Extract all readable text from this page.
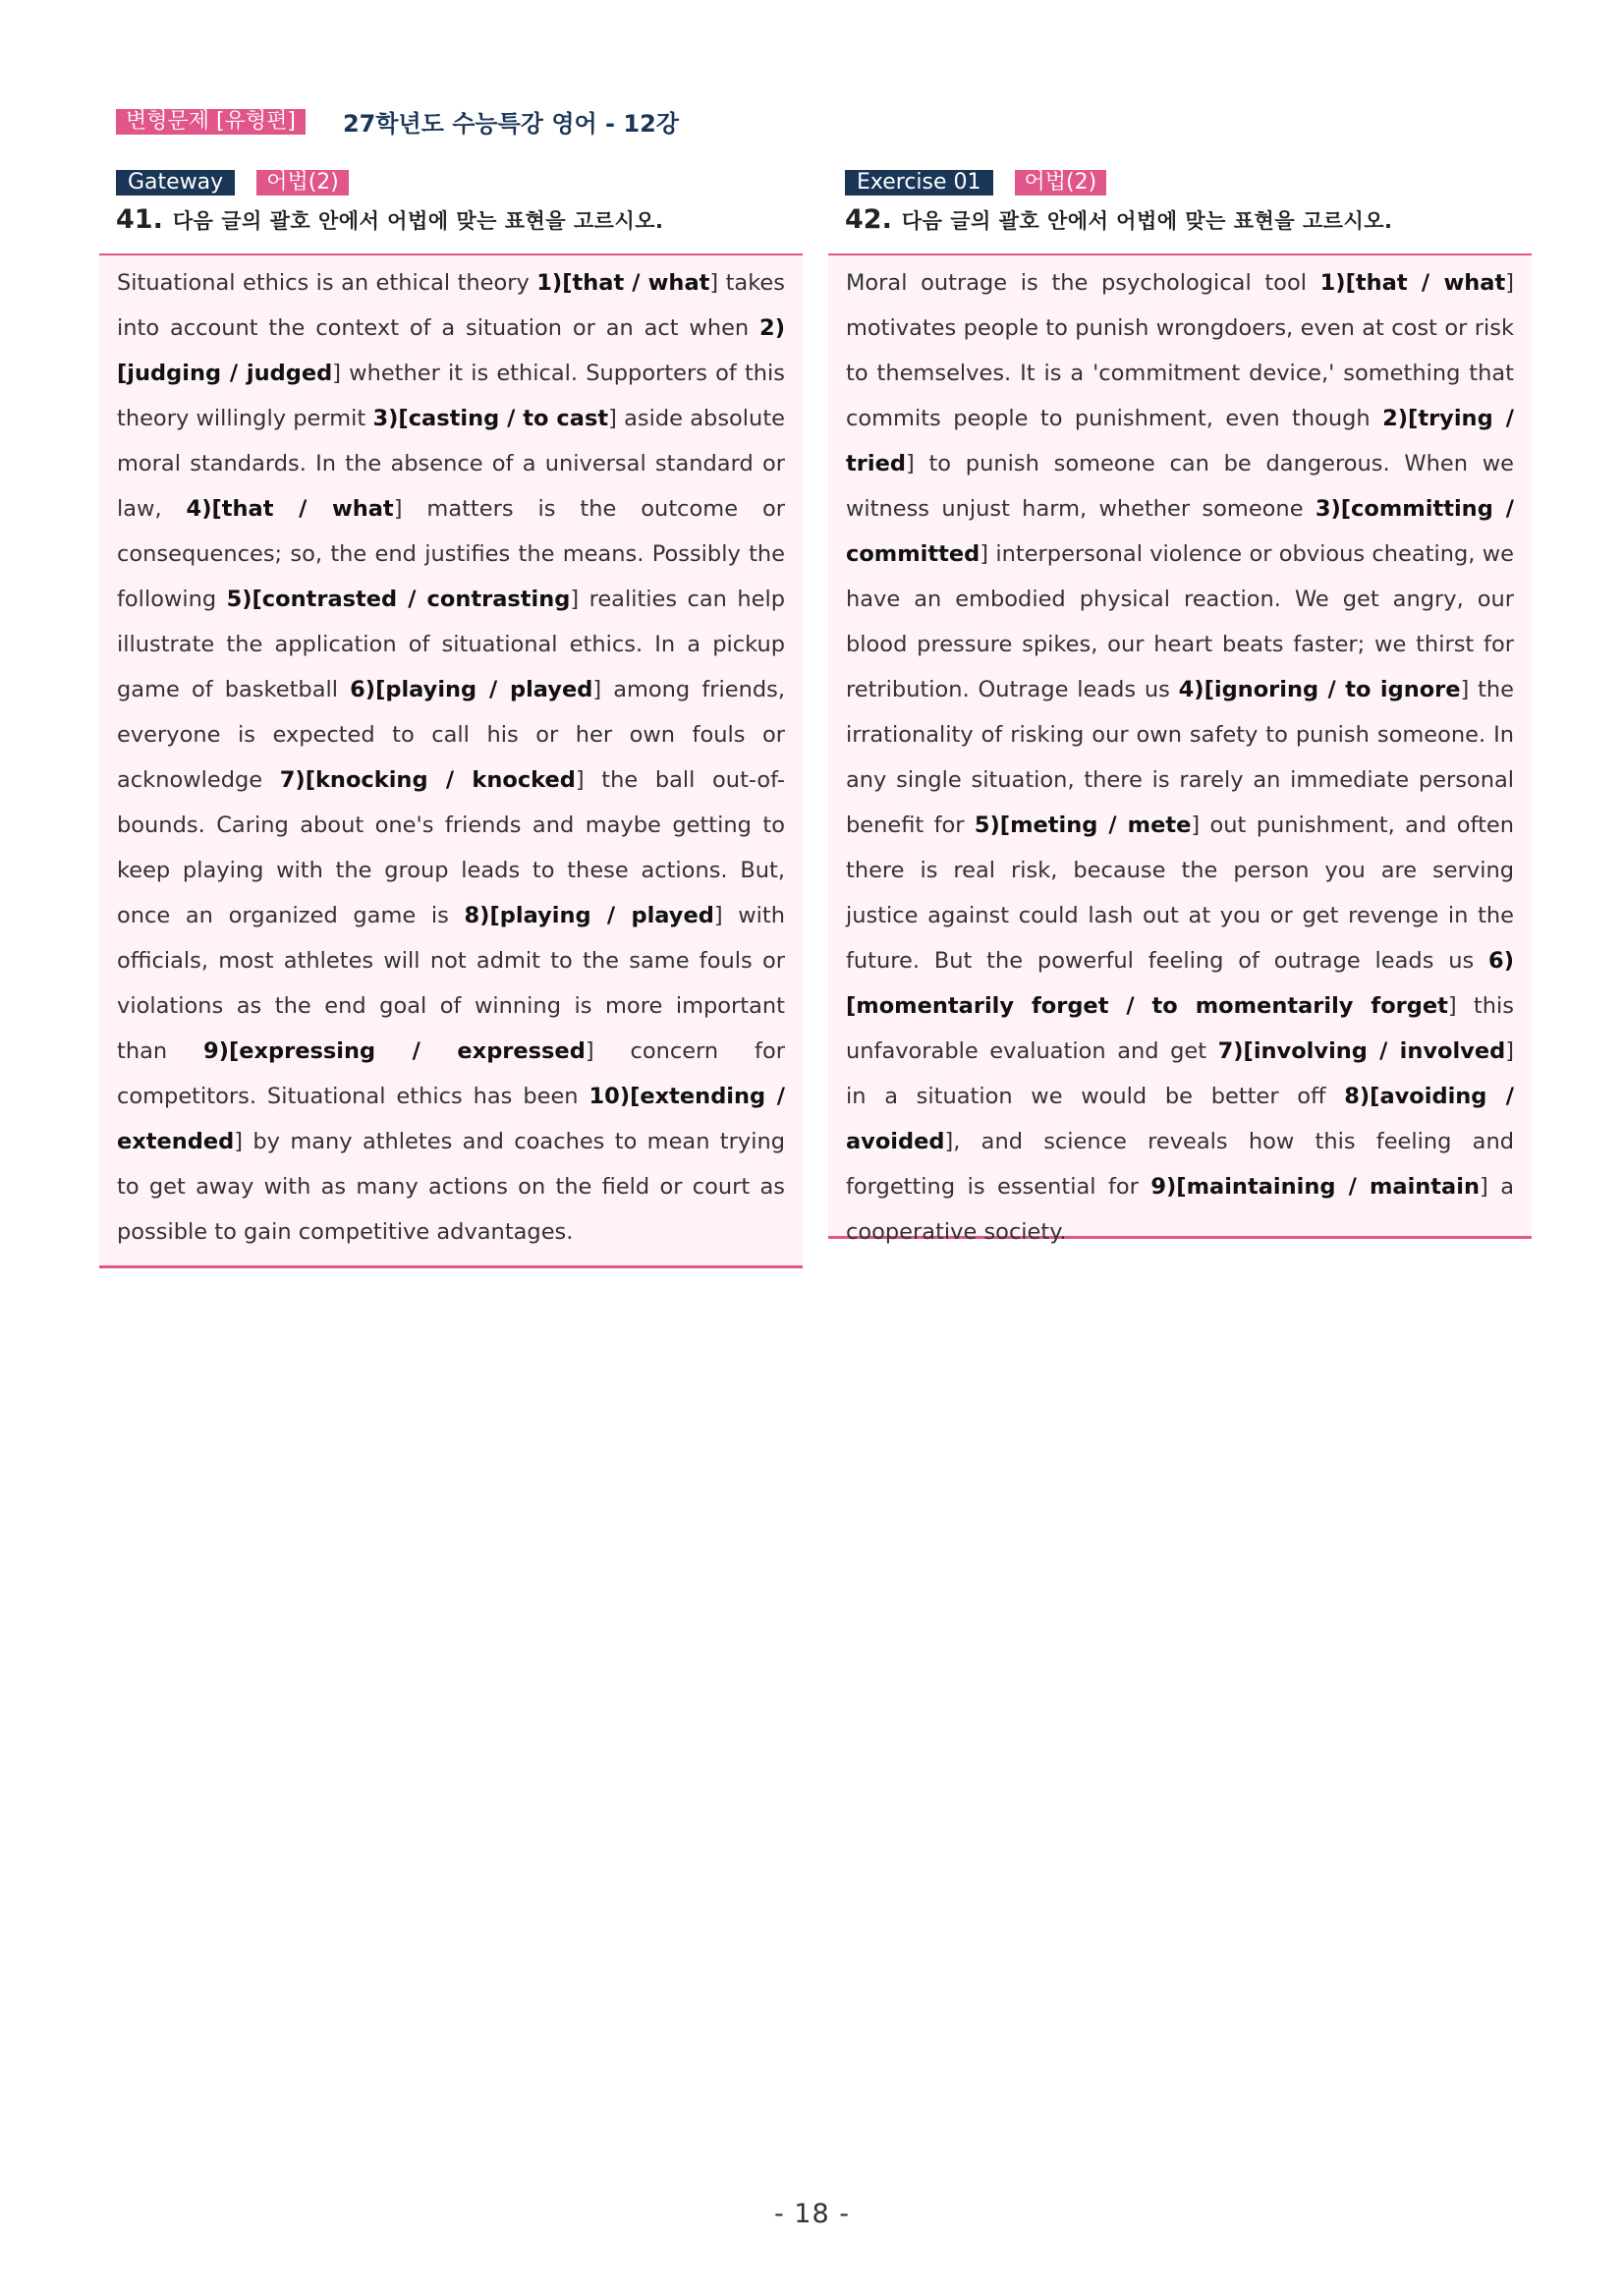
변형문제 [유형편]	27학년도 수능특강 영어 - 12강
Gateway	어법(2)
41. 다음 글의 괄호 안에서 어법에 맞는 표현을 고르시오.

Situational ethics is an ethical theory 1)[that / what] takes into account the context of a situation or an act when 2)[judging / judged] whether it is ethical. Supporters of this theory willingly permit 3)[casting / to cast] aside absolute moral standards. In the absence of a universal standard or law, 4)[that / what] matters is the outcome or consequences; so, the end justifies the means. Possibly the following 5)[contrasted / contrasting] realities can help illustrate the application of situational ethics. In a pickup game of basketball 6)[playing / played] among friends, everyone is expected to call his or her own fouls or acknowledge 7)[knocking / knocked] the ball out-of-bounds. Caring about one's friends and maybe getting to keep playing with the group leads to these actions. But, once an organized game is 8)[playing / played] with officials, most athletes will not admit to the same fouls or violations as the end goal of winning is more important than 9)[expressing / expressed] concern for competitors. Situational ethics has been 10)[extending / extended] by many athletes and coaches to mean trying to get away with as many actions on the field or court as possible to gain competitive advantages.

Exercise 01	어법(2)
42. 다음 글의 괄호 안에서 어법에 맞는 표현을 고르시오.

Moral outrage is the psychological tool 1)[that / what] motivates people to punish wrongdoers, even at cost or risk to themselves. It is a 'commitment device,' something that commits people to punishment, even though 2)[trying / tried] to punish someone can be dangerous. When we witness unjust harm, whether someone 3)[committing / committed] interpersonal violence or obvious cheating, we have an embodied physical reaction. We get angry, our blood pressure spikes, our heart beats faster; we thirst for retribution. Outrage leads us 4)[ignoring / to ignore] the irrationality of risking our own safety to punish someone. In any single situation, there is rarely an immediate personal benefit for 5)[meting / mete] out punishment, and often there is real risk, because the person you are serving justice against could lash out at you or get revenge in the future. But the powerful feeling of outrage leads us 6)[momentarily forget / to momentarily forget] this unfavorable evaluation and get 7)[involving / involved] in a situation we would be better off 8)[avoiding / avoided], and science reveals how this feeling and forgetting is essential for 9)[maintaining / maintain] a cooperative society.

- 18 -
